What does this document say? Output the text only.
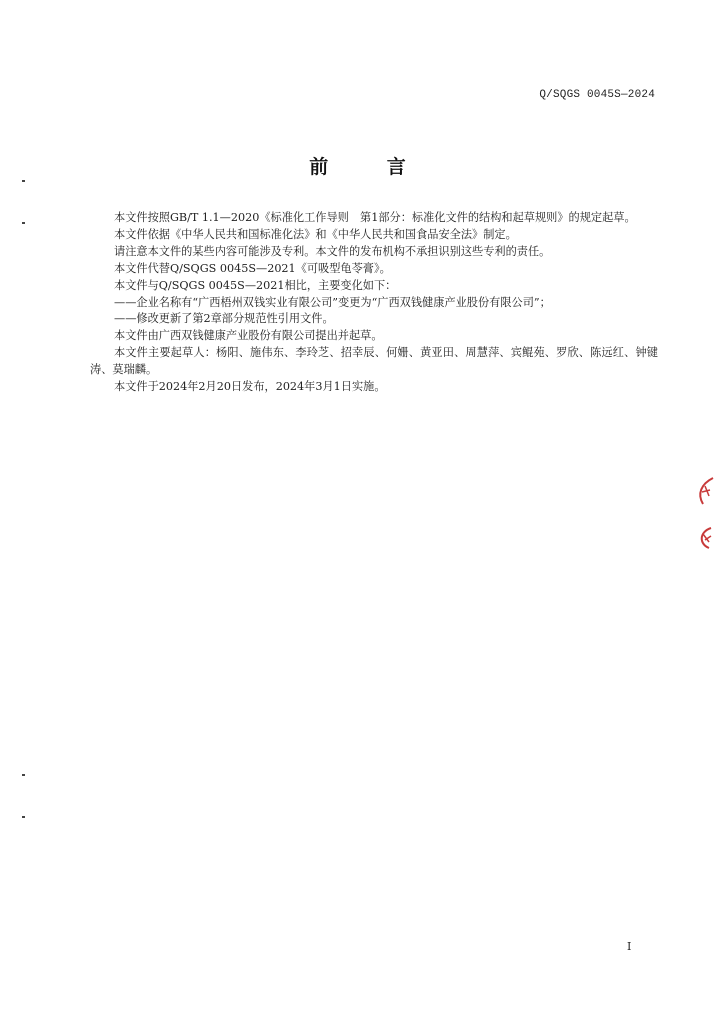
Q/SQGS 0045S—2024
前 言

本文件按照GB/T 1.1—2020《标准化工作导则　第1部分：标准化文件的结构和起草规则》的规定起草。

本文件依据《中华人民共和国标准化法》和《中华人民共和国食品安全法》制定。

请注意本文件的某些内容可能涉及专利。本文件的发布机构不承担识别这些专利的责任。

本文件代替Q/SQGS 0045S—2021《可吸型龟苓膏》。

本文件与Q/SQGS 0045S—2021相比，主要变化如下：

——企业名称有“广西梧州双钱实业有限公司”变更为“广西双钱健康产业股份有限公司”；

——修改更新了第2章部分规范性引用文件。

本文件由广西双钱健康产业股份有限公司提出并起草。

本文件主要起草人：杨阳、施伟东、李玲芝、招幸辰、何姗、黄亚田、周慧萍、宾鲲苑、罗欣、陈远红、钟键涛、莫瑞麟。

本文件于2024年2月20日发布，2024年3月1日实施。

I
